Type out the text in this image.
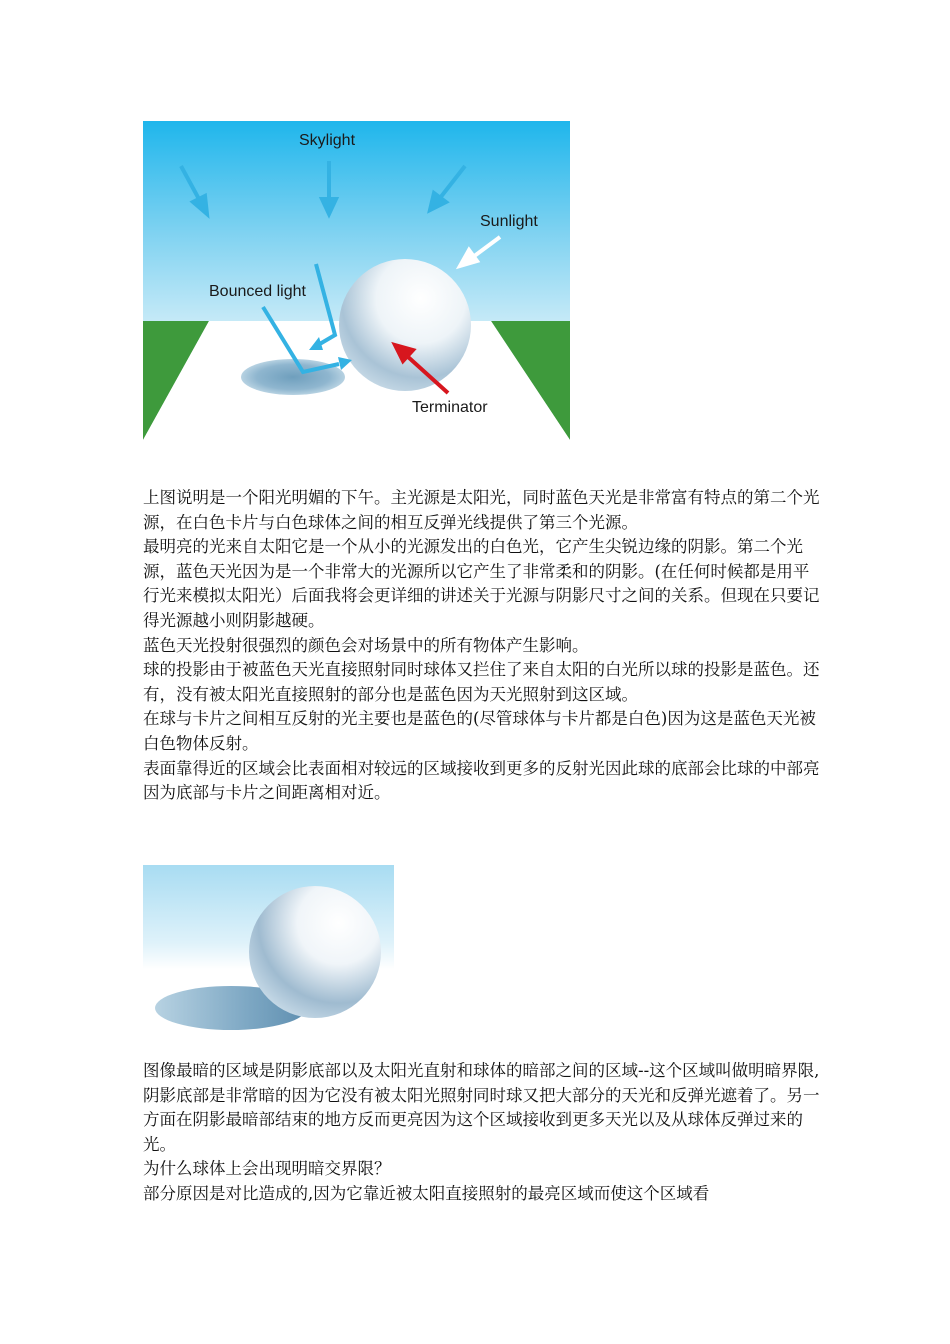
Skylight
Sunlight
Bounced light
Terminator

上图说明是一个阳光明媚的下午。主光源是太阳光，同时蓝色天光是非常富有特点的第二个光源，在白色卡片与白色球体之间的相互反弹光线提供了第三个光源。

最明亮的光来自太阳它是一个从小的光源发出的白色光，它产生尖锐边缘的阴影。第二个光源，蓝色天光因为是一个非常大的光源所以它产生了非常柔和的阴影。(在任何时候都是用平行光来模拟太阳光）后面我将会更详细的讲述关于光源与阴影尺寸之间的关系。但现在只要记得光源越小则阴影越硬。

蓝色天光投射很强烈的颜色会对场景中的所有物体产生影响。

球的投影由于被蓝色天光直接照射同时球体又拦住了来自太阳的白光所以球的投影是蓝色。还有，没有被太阳光直接照射的部分也是蓝色因为天光照射到这区域。

在球与卡片之间相互反射的光主要也是蓝色的(尽管球体与卡片都是白色)因为这是蓝色天光被白色物体反射。

表面靠得近的区域会比表面相对较远的区域接收到更多的反射光因此球的底部会比球的中部亮因为底部与卡片之间距离相对近。

图像最暗的区域是阴影底部以及太阳光直射和球体的暗部之间的区域--这个区域叫做明暗界限,阴影底部是非常暗的因为它没有被太阳光照射同时球又把大部分的天光和反弹光遮着了。另一方面在阴影最暗部结束的地方反而更亮因为这个区域接收到更多天光以及从球体反弹过来的光。

为什么球体上会出现明暗交界限？

部分原因是对比造成的,因为它靠近被太阳直接照射的最亮区域而使这个区域看
